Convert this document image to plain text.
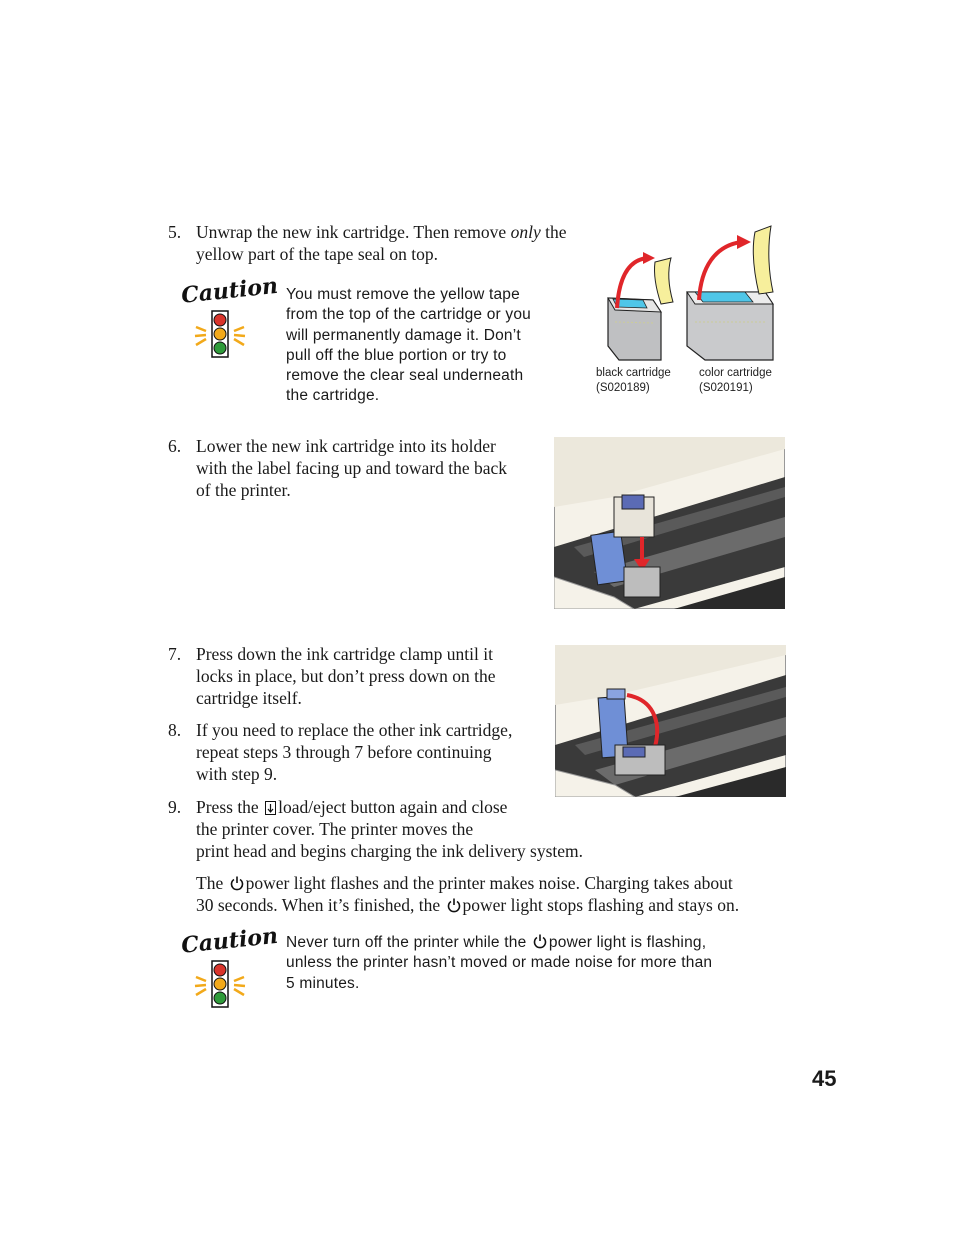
5. Unwrap the new ink cartridge. Then remove only the
yellow part of the tape seal on top.
Caution You must remove the yellow tape
from the top of the cartridge or you
will permanently damage it. Don’t
pull off the blue portion or try to
remove the clear seal underneath
the cartridge.
black cartridge
(S020189)
color cartridge
(S020191)
6. Lower the new ink cartridge into its holder
with the label facing up and toward the back
of the printer.
7. Press down the ink cartridge clamp until it
locks in place, but don’t press down on the
cartridge itself.
8. If you need to replace the other ink cartridge,
repeat steps 3 through 7 before continuing
with step 9.
9. Press the load/eject button again and close
the printer cover. The printer moves the
print head and begins charging the ink delivery system.
The power light flashes and the printer makes noise. Charging takes about
30 seconds. When it’s finished, the power light stops flashing and stays on.
Caution Never turn off the printer while the power light is flashing,
unless the printer hasn’t moved or made noise for more than
5 minutes.
45
